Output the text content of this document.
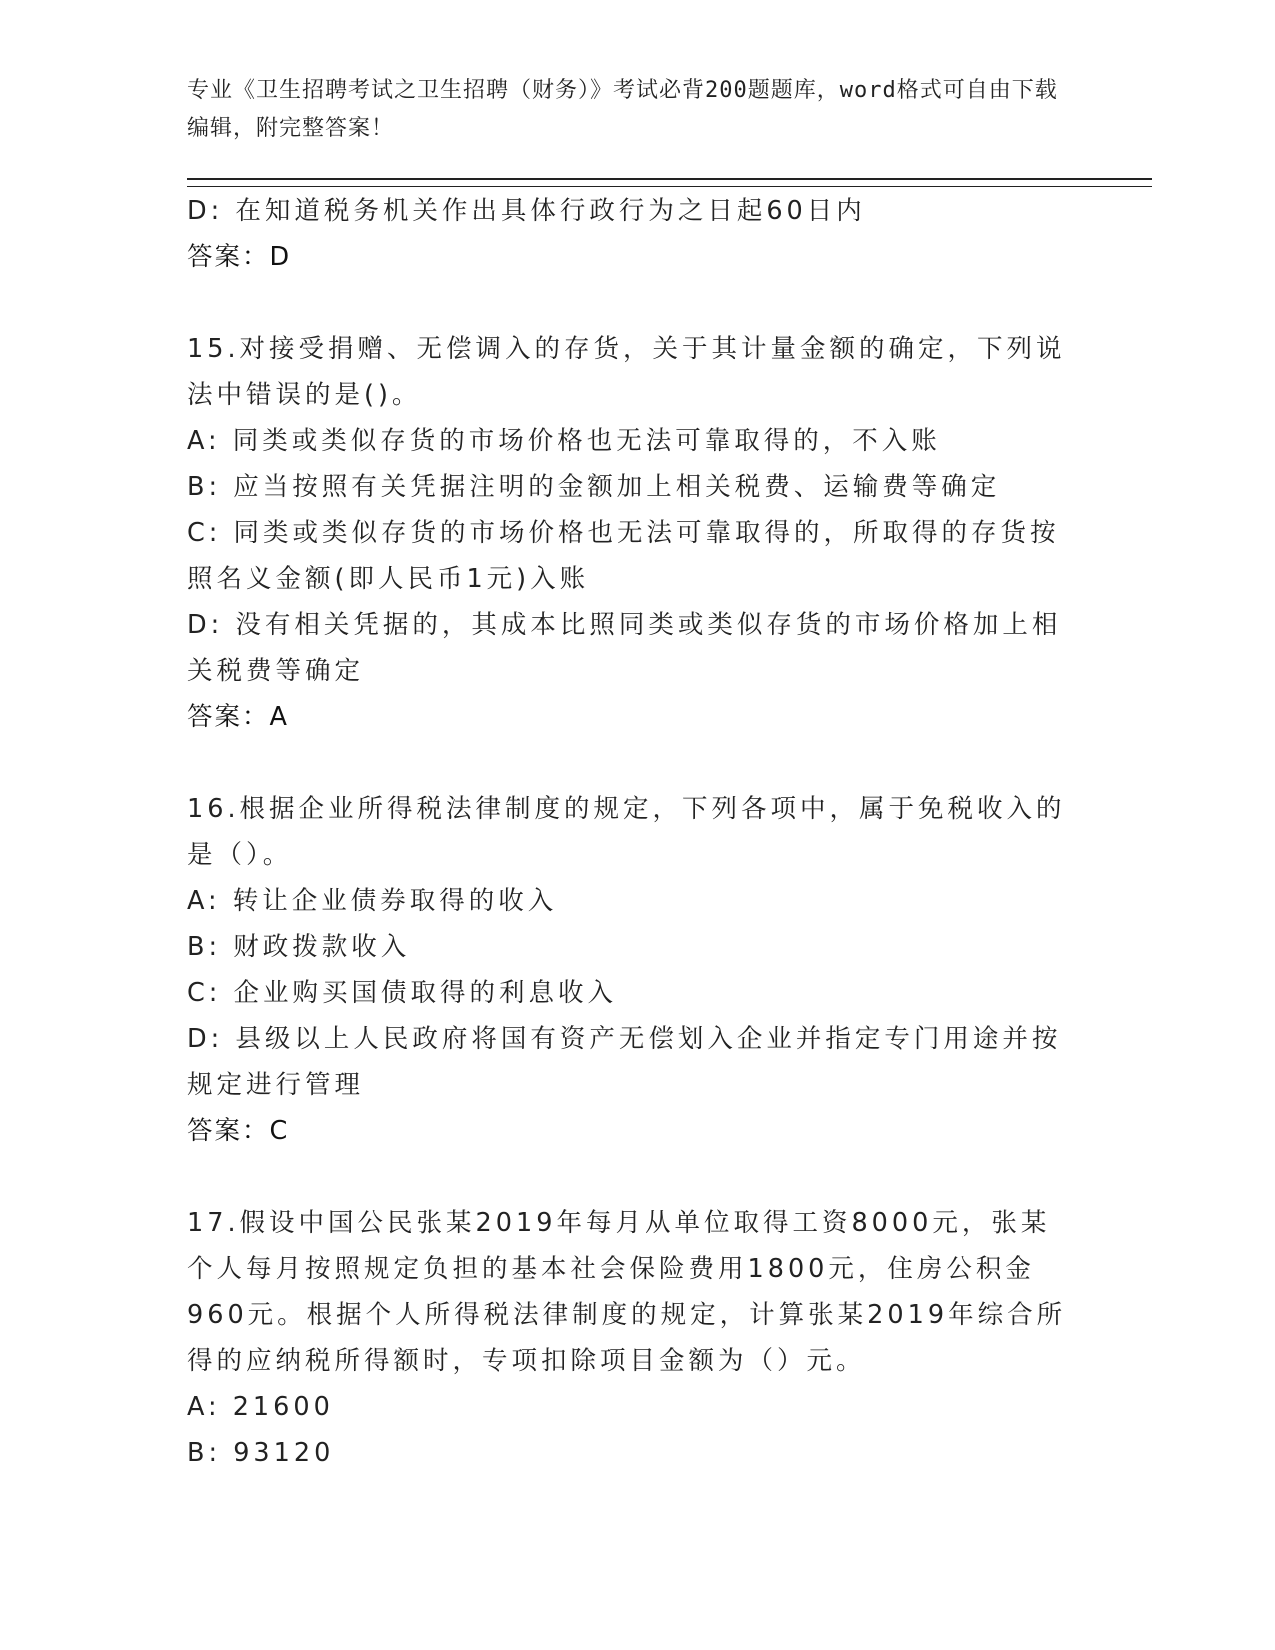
专业《卫生招聘考试之卫生招聘（财务）》考试必背200题题库，word格式可自由下载编辑，附完整答案！
D: 在知道税务机关作出具体行政行为之日起60日内
答案：D
15.对接受捐赠、无偿调入的存货，关于其计量金额的确定，下列说法中错误的是()。
A: 同类或类似存货的市场价格也无法可靠取得的，不入账
B: 应当按照有关凭据注明的金额加上相关税费、运输费等确定
C: 同类或类似存货的市场价格也无法可靠取得的，所取得的存货按照名义金额(即人民币1元)入账
D: 没有相关凭据的，其成本比照同类或类似存货的市场价格加上相关税费等确定
答案：A
16.根据企业所得税法律制度的规定，下列各项中，属于免税收入的是（）。
A: 转让企业债券取得的收入
B: 财政拨款收入
C: 企业购买国债取得的利息收入
D: 县级以上人民政府将国有资产无偿划入企业并指定专门用途并按规定进行管理
答案：C
17.假设中国公民张某2019年每月从单位取得工资8000元，张某个人每月按照规定负担的基本社会保险费用1800元，住房公积金960元。根据个人所得税法律制度的规定，计算张某2019年综合所得的应纳税所得额时，专项扣除项目金额为（）元。
A: 21600
B: 93120
